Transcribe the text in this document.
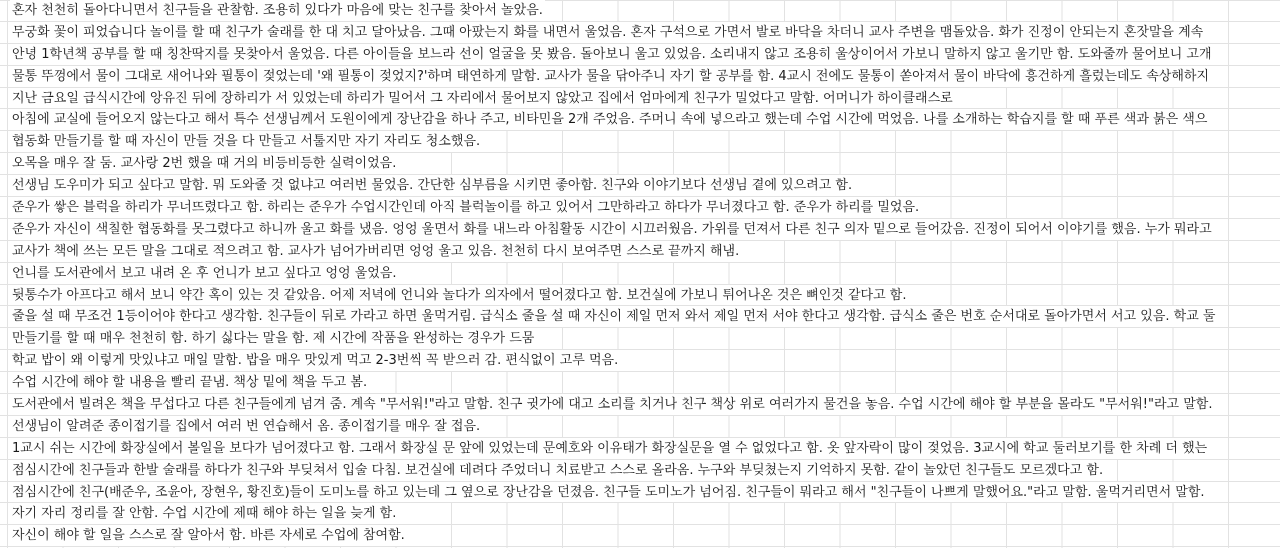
혼자 천천히 돌아다니면서 친구들을 관찰함. 조용히 있다가 마음에 맞는 친구를 찾아서 놀았음.
무궁화 꽃이 피었습니다 놀이를 할 때 친구가 술래를 한 대 치고 달아났음. 그때 아팠는지 화를 내면서 울었음. 혼자 구석으로 가면서 발로 바닥을 차더니 교사 주변을 맴돌았음. 화가 진정이 안되는지 혼잣말을 계속
안녕 1학년책 공부를 할 때 칭찬딱지를 못찾아서 울었음. 다른 아이들을 보느라 선이 얼굴을 못 봤음. 돌아보니 울고 있었음. 소리내지 않고 조용히 울상이어서 가보니 말하지 않고 울기만 함. 도와줄까 물어보니 고개
물통 뚜껑에서 물이 그대로 새어나와 필통이 젖었는데 '왜 필통이 젖었지?'하며 태연하게 말함. 교사가 물을 닦아주니 자기 할 공부를 함. 4교시 전에도 물통이 쏟아져서 물이 바닥에 흥건하게 흘렀는데도 속상해하지
지난 금요일 급식시간에 앙유진 뒤에 장하리가 서 있었는데 하리가 밀어서 그 자리에서 물어보지 않았고 집에서 엄마에게 친구가 밀었다고 말함. 어머니가 하이클래스로
아침에 교실에 들어오지 않는다고 해서 특수 선생님께서 도원이에게 장난감을 하나 주고, 비타민을 2개 주었음. 주머니 속에 넣으라고 했는데 수업 시간에 먹었음. 나를 소개하는 학습지를 할 때 푸른 색과 붉은 색으
협동화 만들기를 할 때 자신이 만들 것을 다 만들고 서툴지만 자기 자리도 청소했음.
오목을 매우 잘 둠. 교사랑 2번 했을 때 거의 비등비등한 실력이었음.
선생님 도우미가 되고 싶다고 말함. 뭐 도와줄 것 없냐고 여러번 물었음. 간단한 심부름을 시키면 좋아함. 친구와 이야기보다 선생님 곁에 있으려고 함.
준우가 쌓은 블럭을 하리가 무너뜨렸다고 함. 하리는 준우가 수업시간인데 아직 블럭놀이를 하고 있어서 그만하라고 하다가 무너졌다고 함. 준우가 하리를 밀었음.
준우가 자신이 색칠한 협동화를 못그렸다고 하니까 울고 화를 냈음. 엉엉 울면서 화를 내느라 아침활동 시간이 시끄러웠음. 가위를 던져서 다른 친구 의자 밑으로 들어갔음. 진정이 되어서 이야기를 했음. 누가 뭐라고
교사가 책에 쓰는 모든 말을 그대로 적으려고 함. 교사가 넘어가버리면 엉엉 울고 있음. 천천히 다시 보여주면 스스로 끝까지 해냄.
언니를 도서관에서 보고 내려 온 후 언니가 보고 싶다고 엉엉 울었음.
뒷통수가 아프다고 해서 보니 약간 혹이 있는 것 같았음. 어제 저녁에 언니와 놀다가 의자에서 떨어졌다고 함. 보건실에 가보니 튀어나온 것은 뼈인것 같다고 함.
줄을 설 때 무조건 1등이어야 한다고 생각함. 친구들이 뒤로 가라고 하면 울먹거림. 급식소 줄을 설 때 자신이 제일 먼저 와서 제일 먼저 서야 한다고 생각함. 급식소 줄은 번호 순서대로 돌아가면서 서고 있음. 학교 둘
만들기를 할 때 매우 천천히 함. 하기 싫다는 말을 함. 제 시간에 작품을 완성하는 경우가 드뭄
학교 밥이 왜 이렇게 맛있냐고 매일 말함. 밥을 매우 맛있게 먹고 2-3번씩 꼭 받으러 감. 편식없이 고루 먹음.
수업 시간에 해야 할 내용을 빨리 끝냄. 책상 밑에 책을 두고 봄.
도서관에서 빌려온 책을 무섭다고 다른 친구들에게 넘겨 줌. 계속 "무서워!"라고 말함. 친구 귓가에 대고 소리를 치거나 친구 책상 위로 여러가지 물건을 놓음. 수업 시간에 해야 할 부분을 몰라도 "무서워!"라고 말함.
선생님이 알려준 종이접기를 집에서 여러 번 연습해서 옴. 종이접기를 매우 잘 접음.
1교시 쉬는 시간에 화장실에서 볼일을 보다가 넘어졌다고 함. 그래서 화장실 문 앞에 있었는데 문예호와 이유태가 화장실문을 열 수 없었다고 함. 옷 앞자락이 많이 젖었음. 3교시에 학교 둘러보기를 한 차례 더 했는
점심시간에 친구들과 한발 술래를 하다가 친구와 부딪쳐서 입술 다침. 보건실에 데려다 주었더니 치료받고 스스로 올라옴. 누구와 부딪쳤는지 기억하지 못함. 같이 놀았던 친구들도 모르겠다고 함.
점심시간에 친구(배준우, 조윤아, 장현우, 황진호)들이 도미노를 하고 있는데 그 옆으로 장난감을 던졌음. 친구들 도미노가 넘어짐. 친구들이 뭐라고 해서 "친구들이 나쁘게 말했어요."라고 말함. 울먹거리면서 말함.
자기 자리 정리를 잘 안함. 수업 시간에 제때 해야 하는 일을 늦게 함.
자신이 해야 할 일을 스스로 잘 알아서 함. 바른 자세로 수업에 참여함.
